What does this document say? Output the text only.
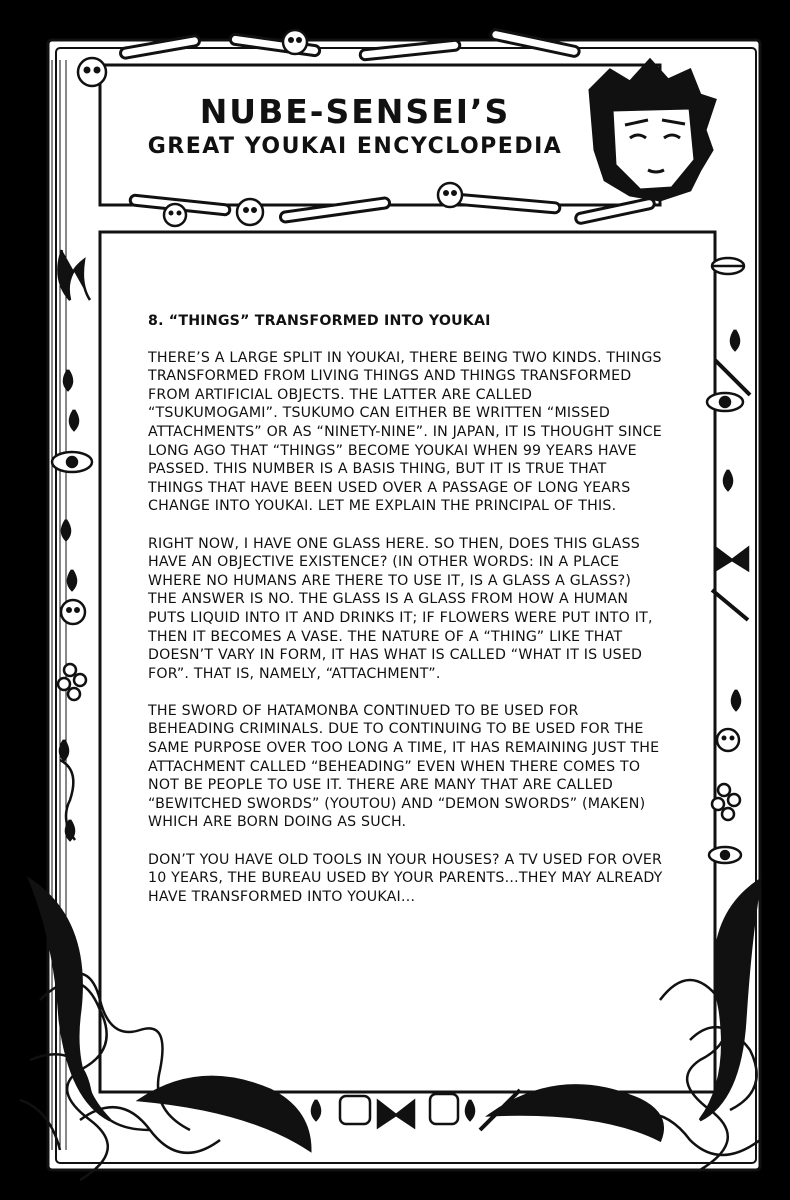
NUBE-SENSEI’S
GREAT YOUKAI ENCYCLOPEDIA
8. “THINGS” TRANSFORMED INTO YOUKAI

THERE’S A LARGE SPLIT IN YOUKAI, THERE BEING TWO KINDS. THINGS TRANSFORMED FROM LIVING THINGS AND THINGS TRANSFORMED FROM ARTIFICIAL OBJECTS. THE LATTER ARE CALLED “TSUKUMOGAMI”. TSUKUMO CAN EITHER BE WRITTEN “MISSED ATTACHMENTS” OR AS “NINETY-NINE”. IN JAPAN, IT IS THOUGHT SINCE LONG AGO THAT “THINGS” BECOME YOUKAI WHEN 99 YEARS HAVE PASSED. THIS NUMBER IS A BASIS THING, BUT IT IS TRUE THAT THINGS THAT HAVE BEEN USED OVER A PASSAGE OF LONG YEARS CHANGE INTO YOUKAI. LET ME EXPLAIN THE PRINCIPAL OF THIS.

RIGHT NOW, I HAVE ONE GLASS HERE. SO THEN, DOES THIS GLASS HAVE AN OBJECTIVE EXISTENCE? (IN OTHER WORDS: IN A PLACE WHERE NO HUMANS ARE THERE TO USE IT, IS A GLASS A GLASS?) THE ANSWER IS NO. THE GLASS IS A GLASS FROM HOW A HUMAN PUTS LIQUID INTO IT AND DRINKS IT; IF FLOWERS WERE PUT INTO IT, THEN IT BECOMES A VASE. THE NATURE OF A “THING” LIKE THAT DOESN’T VARY IN FORM, IT HAS WHAT IS CALLED “WHAT IT IS USED FOR”. THAT IS, NAMELY, “ATTACHMENT”.

THE SWORD OF HATAMONBA CONTINUED TO BE USED FOR BEHEADING CRIMINALS. DUE TO CONTINUING TO BE USED FOR THE SAME PURPOSE OVER TOO LONG A TIME, IT HAS REMAINING JUST THE ATTACHMENT CALLED “BEHEADING” EVEN WHEN THERE COMES TO NOT BE PEOPLE TO USE IT. THERE ARE MANY THAT ARE CALLED “BEWITCHED SWORDS” (YOUTOU) AND “DEMON SWORDS” (MAKEN) WHICH ARE BORN DOING AS SUCH.

DON’T YOU HAVE OLD TOOLS IN YOUR HOUSES? A TV USED FOR OVER 10 YEARS, THE BUREAU USED BY YOUR PARENTS…THEY MAY ALREADY HAVE TRANSFORMED INTO YOUKAI…
